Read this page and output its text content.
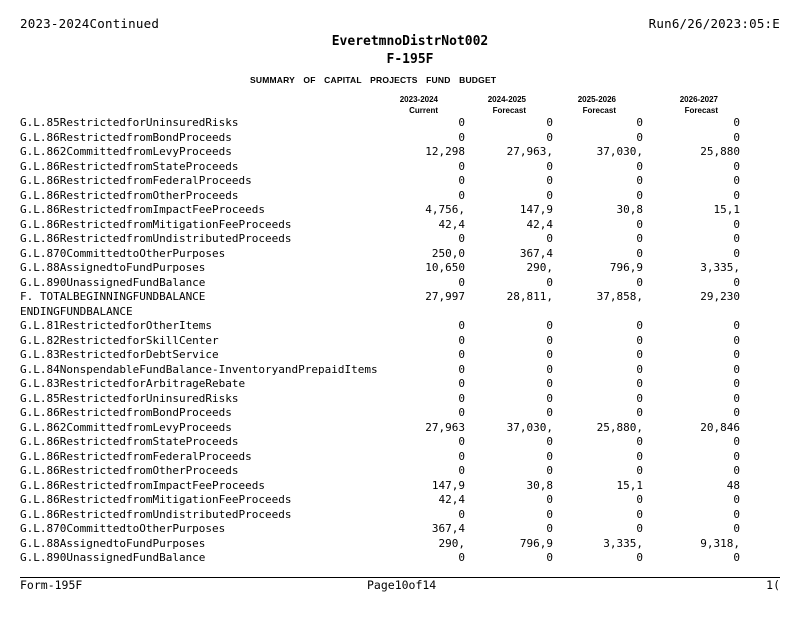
2023-2024Continued	Run6/26/2023:05:E
EveretmnoDistrNot002
F-195F
SUMMARY OF CAPITAL PROJECTS FUND BUDGET
2023-2024
Current
2024-2025
Forecast
2025-2026
Forecast
2026-2027
Forecast
G.L.85RestrictedforUninsuredRisks	0	0	0	0
G.L.86RestrictedfromBondProceeds	0	0	0	0
G.L.862CommittedfromLevyProceeds	12,298	27,963,	37,030,	25,880
G.L.86RestrictedfromStateProceeds	0	0	0	0
G.L.86RestrictedfromFederalProceeds	0	0	0	0
G.L.86RestrictedfromOtherProceeds	0	0	0	0
G.L.86RestrictedfromImpactFeeProceeds	4,756,	147,9	30,8	15,1
G.L.86RestrictedfromMitigationFeeProceeds	42,4	42,4	0	0
G.L.86RestrictedfromUndistributedProceeds	0	0	0	0
G.L.870CommittedtoOtherPurposes	250,0	367,4	0	0
G.L.88AssignedtoFundPurposes	10,650	290,	796,9	3,335,
G.L.890UnassignedFundBalance	0	0	0	0
F. TOTALBEGINNINGFUNDBALANCE	27,997	28,811,	37,858,	29,230
ENDINGFUNDBALANCE
G.L.81RestrictedforOtherItems	0	0	0	0
G.L.82RestrictedforSkillCenter	0	0	0	0
G.L.83RestrictedforDebtService	0	0	0	0
G.L.84NonspendableFundBalance-InventoryandPrepaidItems	0	0	0	0
G.L.83RestrictedforArbitrageRebate	0	0	0	0
G.L.85RestrictedforUninsuredRisks	0	0	0	0
G.L.86RestrictedfromBondProceeds	0	0	0	0
G.L.862CommittedfromLevyProceeds	27,963	37,030,	25,880,	20,846
G.L.86RestrictedfromStateProceeds	0	0	0	0
G.L.86RestrictedfromFederalProceeds	0	0	0	0
G.L.86RestrictedfromOtherProceeds	0	0	0	0
G.L.86RestrictedfromImpactFeeProceeds	147,9	30,8	15,1	48
G.L.86RestrictedfromMitigationFeeProceeds	42,4	0	0	0
G.L.86RestrictedfromUndistributedProceeds	0	0	0	0
G.L.870CommittedtoOtherPurposes	367,4	0	0	0
G.L.88AssignedtoFundPurposes	290,	796,9	3,335,	9,318,
G.L.890UnassignedFundBalance	0	0	0	0
Form-195F	Page10of14	1(
